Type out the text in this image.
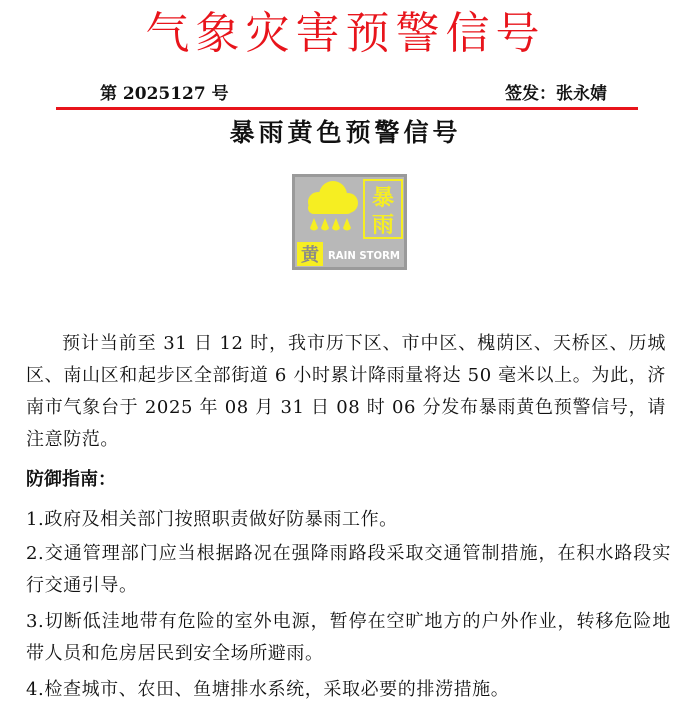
气象灾害预警信号
第 2025127 号	签发：张永婧
暴雨黄色预警信号
暴
雨
黄 RAIN STORM
预计当前至 31 日 12 时，我市历下区、市中区、槐荫区、天桥区、历城区、南山区和起步区全部街道 6 小时累计降雨量将达 50 毫米以上。为此，济南市气象台于 2025 年 08 月 31 日 08 时 06 分发布暴雨黄色预警信号，请注意防范。
防御指南：
1.政府及相关部门按照职责做好防暴雨工作。
2.交通管理部门应当根据路况在强降雨路段采取交通管制措施，在积水路段实行交通引导。
3.切断低洼地带有危险的室外电源，暂停在空旷地方的户外作业，转移危险地带人员和危房居民到安全场所避雨。
4.检查城市、农田、鱼塘排水系统，采取必要的排涝措施。
